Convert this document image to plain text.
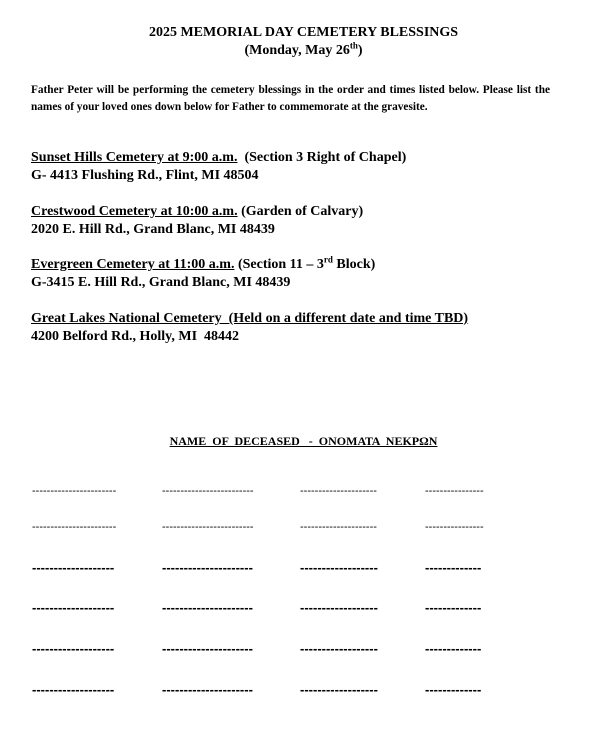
2025 MEMORIAL DAY CEMETERY BLESSINGS
(Monday, May 26th)
Father Peter will be performing the cemetery blessings in the order and times listed below. Please list the names of your loved ones down below for Father to commemorate at the gravesite.
Sunset Hills Cemetery at 9:00 a.m.  (Section 3 Right of Chapel)
G- 4413 Flushing Rd., Flint, MI 48504
Crestwood Cemetery at 10:00 a.m. (Garden of Calvary)
2020 E. Hill Rd., Grand Blanc, MI 48439
Evergreen Cemetery at 11:00 a.m. (Section 11 – 3rd Block)
G-3415 E. Hill Rd., Grand Blanc, MI 48439
Great Lakes National Cemetery  (Held on a different date and time TBD)
4200 Belford Rd., Holly, MI  48442
NAME  OF  DECEASED   -  ΟΝΟΜΑΤΑ  ΝΕΚΡΩΝ
-----------------------	-------------------------	---------------------	----------------
-----------------------	-------------------------	---------------------	----------------
-------------------	---------------------	------------------	-------------
-------------------	---------------------	------------------	-------------
-------------------	---------------------	------------------	-------------
-------------------	---------------------	------------------	-------------
